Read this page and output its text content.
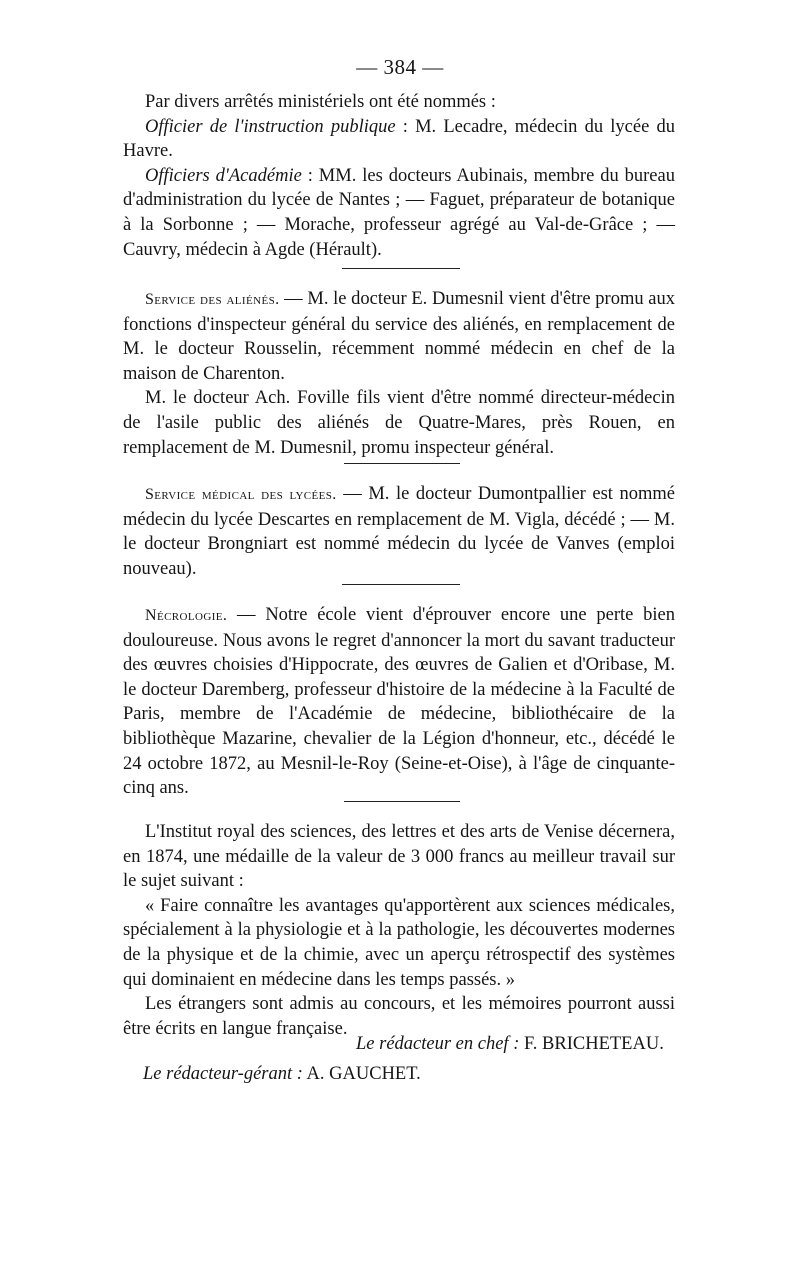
— 384 —

Par divers arrêtés ministériels ont été nommés :

Officier de l'instruction publique : M. Lecadre, médecin du lycée du Havre.

Officiers d'Académie : MM. les docteurs Aubinais, membre du bureau d'administration du lycée de Nantes ; — Faguet, préparateur de botanique à la Sorbonne ; — Morache, professeur agrégé au Val-de-Grâce ; — Cauvry, médecin à Agde (Hérault).

Service des aliénés. — M. le docteur E. Dumesnil vient d'être promu aux fonctions d'inspecteur général du service des aliénés, en remplacement de M. le docteur Rousselin, récemment nommé médecin en chef de la maison de Charenton.

M. le docteur Ach. Foville fils vient d'être nommé directeur-médecin de l'asile public des aliénés de Quatre-Mares, près Rouen, en remplacement de M. Dumesnil, promu inspecteur général.

Service médical des lycées. — M. le docteur Dumontpallier est nommé médecin du lycée Descartes en remplacement de M. Vigla, décédé ; — M. le docteur Brongniart est nommé médecin du lycée de Vanves (emploi nouveau).

Nécrologie. — Notre école vient d'éprouver encore une perte bien douloureuse. Nous avons le regret d'annoncer la mort du savant traducteur des œuvres choisies d'Hippocrate, des œuvres de Galien et d'Oribase, M. le docteur Daremberg, professeur d'histoire de la médecine à la Faculté de Paris, membre de l'Académie de médecine, bibliothécaire de la bibliothèque Mazarine, chevalier de la Légion d'honneur, etc., décédé le 24 octobre 1872, au Mesnil-le-Roy (Seine-et-Oise), à l'âge de cinquante-cinq ans.

L'Institut royal des sciences, des lettres et des arts de Venise décernera, en 1874, une médaille de la valeur de 3 000 francs au meilleur travail sur le sujet suivant :

« Faire connaître les avantages qu'apportèrent aux sciences médicales, spécialement à la physiologie et à la pathologie, les découvertes modernes de la physique et de la chimie, avec un aperçu rétrospectif des systèmes qui dominaient en médecine dans les temps passés. »

Les étrangers sont admis au concours, et les mémoires pourront aussi être écrits en langue française.

Le rédacteur en chef : F. BRICHETEAU.
Le rédacteur-gérant : A. GAUCHET.
